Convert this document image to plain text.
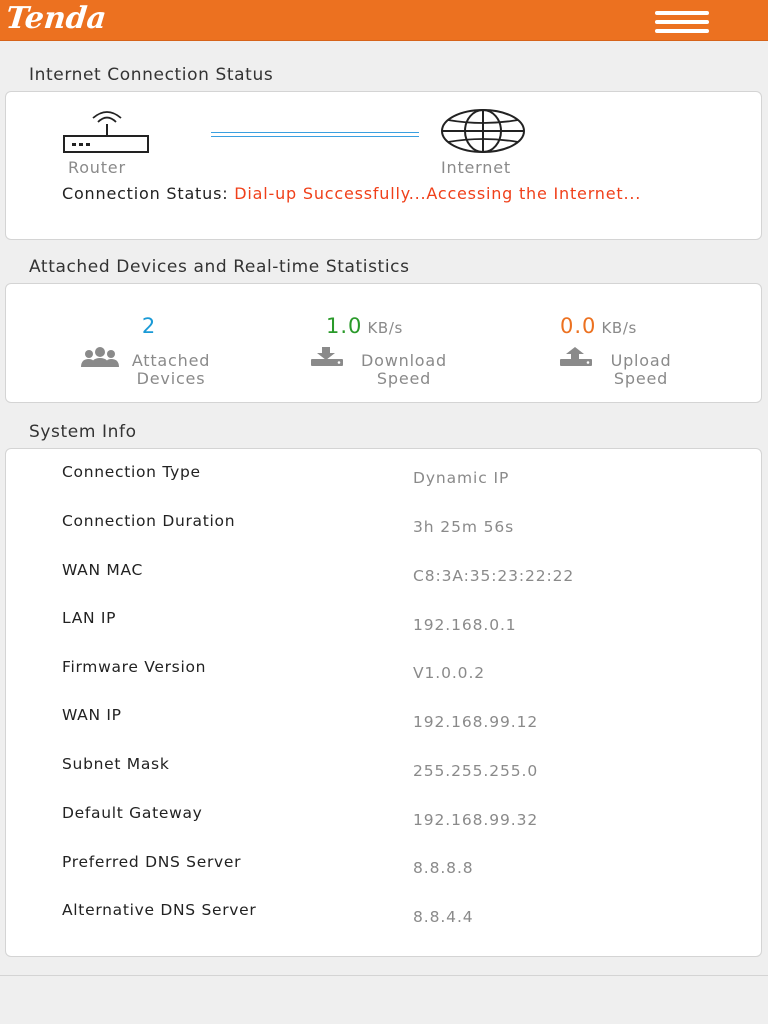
Tenda
Internet Connection Status
Router	Internet
Connection Status: Dial-up Successfully...Accessing the Internet...
Attached Devices and Real-time Statistics
2
Attached Devices
1.0 KB/s
Download Speed
0.0 KB/s
Upload Speed
System Info
Connection Type	Dynamic IP
Connection Duration	3h 25m 56s
WAN MAC	C8:3A:35:23:22:22
LAN IP	192.168.0.1
Firmware Version	V1.0.0.2
WAN IP	192.168.99.12
Subnet Mask	255.255.255.0
Default Gateway	192.168.99.32
Preferred DNS Server	8.8.8.8
Alternative DNS Server	8.8.4.4
